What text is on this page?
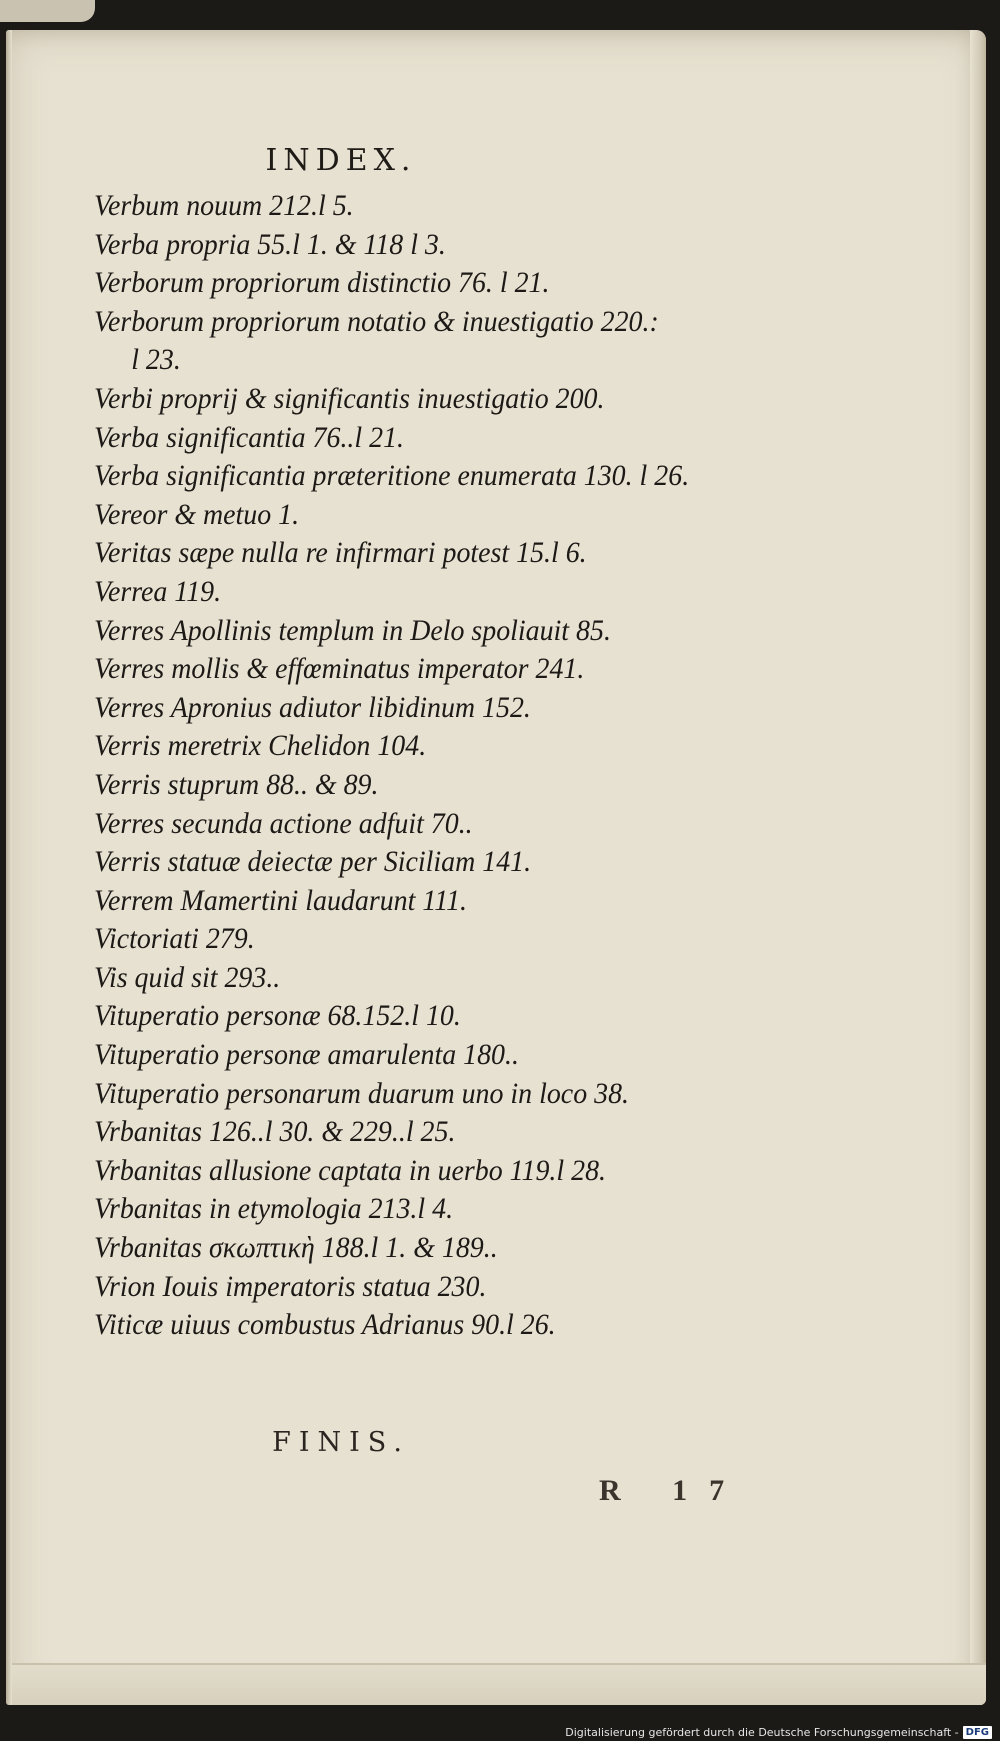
INDEX.
Verbum nouum 212.l 5.
Verba propria 55.l 1. & 118 l 3.
Verborum propriorum distinctio 76. l 21.
Verborum propriorum notatio & inuestigatio 220.:
l 23.
Verbi proprij & significantis inuestigatio 200.
Verba significantia 76..l 21.
Verba significantia præteritione enumerata 130. l 26.
Vereor & metuo 1.
Veritas sæpe nulla re infirmari potest 15.l 6.
Verrea 119.
Verres Apollinis templum in Delo spoliauit 85.
Verres mollis & effœminatus imperator 241.
Verres Apronius adiutor libidinum 152.
Verris meretrix Chelidon 104.
Verris stuprum 88.. & 89.
Verres secunda actione adfuit 70..
Verris statuæ deiectæ per Siciliam 141.
Verrem Mamertini laudarunt 111.
Victoriati 279.
Vis quid sit 293..
Vituperatio personæ 68.152.l 10.
Vituperatio personæ amarulenta 180..
Vituperatio personarum duarum uno in loco 38.
Vrbanitas 126..l 30. & 229..l 25.
Vrbanitas allusione captata in uerbo 119.l 28.
Vrbanitas in etymologia 213.l 4.
Vrbanitas σκωπτικὴ 188.l 1. & 189..
Vrion Iouis imperatoris statua 230.
Viticæ uiuus combustus Adrianus 90.l 26.

FINIS.

R 17
Digitalisierung gefördert durch die Deutsche Forschungsgemeinschaft - DFG
